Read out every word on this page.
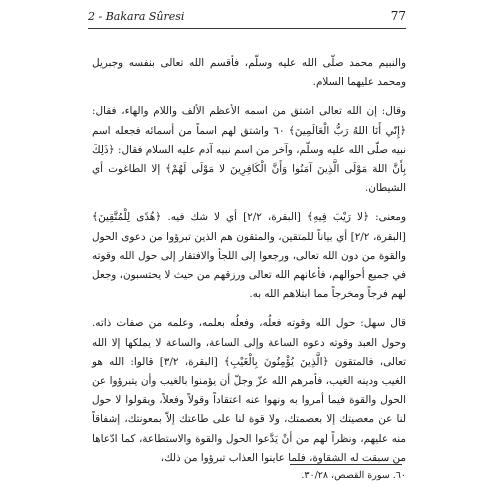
2 - Bakara Sûresi	77

والنبيم محمد صلّى الله عليه وسلّم، فأقسم الله تعالى بنفسه وجبريل ومحمد عليهما السلام.

وقال: إن الله تعالى اشتق من اسمه الأعظم الألف واللام والهاء، فقال: ﴿إِنّي أَنَا اللهُ رَبُّ الْعَالَمِينَ﴾ ٦٠ واشتق لهم اسماً من أسمائه فجعله اسم نبيه صلّى الله عليه وسلّم، وآخر من اسم نبيه آدم عليه السلام فقال: ﴿ذَلِكَ بِأَنَّ اللهَ مَوْلَى الَّذِينَ آمَنُوا وَأَنَّ الْكَافِرِينَ لا مَوْلَى لَهُمْ﴾ إلا الطاغوت أي الشيطان.

ومعنى: ﴿لا رَيْبَ فِيهِ﴾ [البقرة، ٢/٢] أي لا شك فيه. ﴿هُدًى لِلْمُتَّقِينَ﴾ [البقرة، ٢/٢] أي بياناً للمتقين، والمتقون هم الذين تبرؤوا من دعوى الحول والقوة من دون الله تعالى، ورجعوا إلى اللجأ والافتقار إلى حول الله وقوته في جميع أحوالهم، فأعانهم الله تعالى ورزقهم من حيث لا يحتسبون، وجعل لهم فرجاً ومخرجاً مما ابتلاهم الله به.

قال سهل: حول الله وقوته فعلُه، وفعلُه بعلمه، وعلمه من صفات ذاته. وحول العبد وقوته دعوه الساعة وإلى الساعة، والساعة لا يملكها إلا الله تعالى، فالمتقون ﴿الَّذِينَ يُؤْمِنُونَ بِالْغَيْبِ﴾ [البقرة، ٣/٢] قالوا: الله هو الغيب ودينه الغيب، فأمرهم الله عزّ وجلّ أن يؤمنوا بالغيب وأن يتبرؤوا عن الحول والقوة فيما أمروا به ونهوا عنه اعتقاداً وقولاً وفعلاً، ويقولوا لا حول لنا عن معصيتك إلا بعصمتك، ولا قوة لنا على طاعتك إلاّ بمعونتك، إشفاقاً منه عليهم، ونظراً لهم من أنْ يَدَّعوا الحول والقوة والاستطاعة، كما ادّعاها من سبقت له الشقاوة، فلما عاينوا العذاب تبرؤوا من ذلك،

٦٠. سورة القصص، ٣٠/٢٨.
